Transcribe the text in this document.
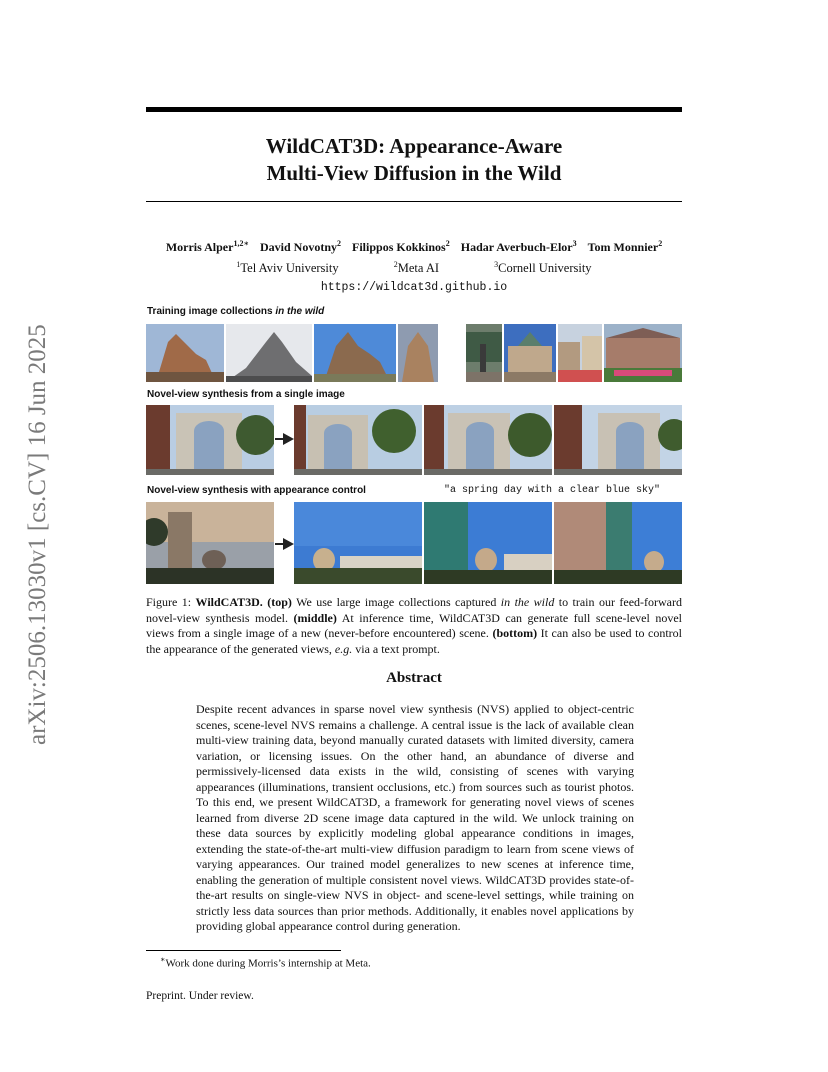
arXiv:2506.13030v1 [cs.CV] 16 Jun 2025
WildCAT3D: Appearance-Aware
Multi-View Diffusion in the Wild
Morris Alper$^{1,2∗}$ David Novotny$^2$ Filippos Kokkinos$^2$ Hadar Averbuch-Elor$^3$ Tom Monnier$^2$
$^1$Tel Aviv University	$^2$Meta AI	$^3$Cornell University
https://wildcat3d.github.io
Training image collections in the wild
Novel-view synthesis from a single image
Novel-view synthesis with appearance control	"a spring day with a clear blue sky"
Figure 1: WildCAT3D. (top) We use large image collections captured in the wild to train our feed-forward novel-view synthesis model. (middle) At inference time, WildCAT3D can generate full scene-level novel views from a single image of a new (never-before encountered) scene. (bottom) It can also be used to control the appearance of the generated views, e.g. via a text prompt.
Abstract
Despite recent advances in sparse novel view synthesis (NVS) applied to object-centric scenes, scene-level NVS remains a challenge. A central issue is the lack of available clean multi-view training data, beyond manually curated datasets with limited diversity, camera variation, or licensing issues. On the other hand, an abundance of diverse and permissively-licensed data exists in the wild, consisting of scenes with varying appearances (illuminations, transient occlusions, etc.) from sources such as tourist photos. To this end, we present WildCAT3D, a framework for generating novel views of scenes learned from diverse 2D scene image data captured in the wild. We unlock training on these data sources by explicitly modeling global appearance conditions in images, extending the state-of-the-art multi-view diffusion paradigm to learn from scene views of varying appearances. Our trained model generalizes to new scenes at inference time, enabling the generation of multiple consistent novel views. WildCAT3D provides state-of-the-art results on single-view NVS in object- and scene-level settings, while training on strictly less data sources than prior methods. Additionally, it enables novel applications by providing global appearance control during generation.
∗Work done during Morris’s internship at Meta.
Preprint. Under review.
